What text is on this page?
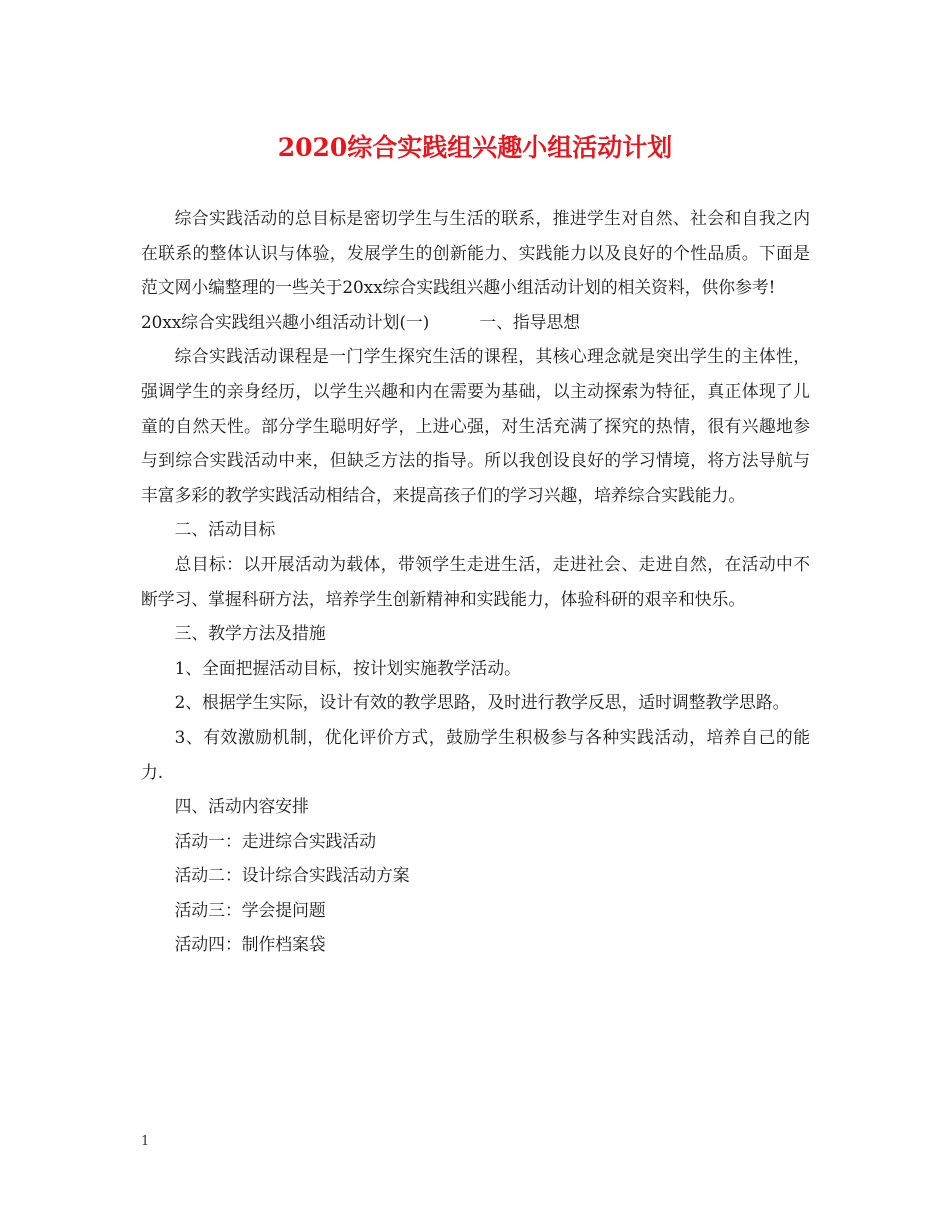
2020综合实践组兴趣小组活动计划

综合实践活动的总目标是密切学生与生活的联系，推进学生对自然、社会和自我之内在联系的整体认识与体验，发展学生的创新能力、实践能力以及良好的个性品质。下面是范文网小编整理的一些关于20xx综合实践组兴趣小组活动计划的相关资料，供你参考!

20xx综合实践组兴趣小组活动计划(一)	一、指导思想

综合实践活动课程是一门学生探究生活的课程，其核心理念就是突出学生的主体性，强调学生的亲身经历，以学生兴趣和内在需要为基础，以主动探索为特征，真正体现了儿童的自然天性。部分学生聪明好学，上进心强，对生活充满了探究的热情，很有兴趣地参与到综合实践活动中来，但缺乏方法的指导。所以我创设良好的学习情境，将方法导航与丰富多彩的教学实践活动相结合，来提高孩子们的学习兴趣，培养综合实践能力。

二、活动目标

总目标：以开展活动为载体，带领学生走进生活，走进社会、走进自然，在活动中不断学习、掌握科研方法，培养学生创新精神和实践能力，体验科研的艰辛和快乐。

三、教学方法及措施

1、全面把握活动目标，按计划实施教学活动。

2、根据学生实际，设计有效的教学思路，及时进行教学反思，适时调整教学思路。

3、有效激励机制，优化评价方式，鼓励学生积极参与各种实践活动，培养自己的能力.

四、活动内容安排

活动一：走进综合实践活动

活动二：设计综合实践活动方案

活动三：学会提问题

活动四：制作档案袋

1
